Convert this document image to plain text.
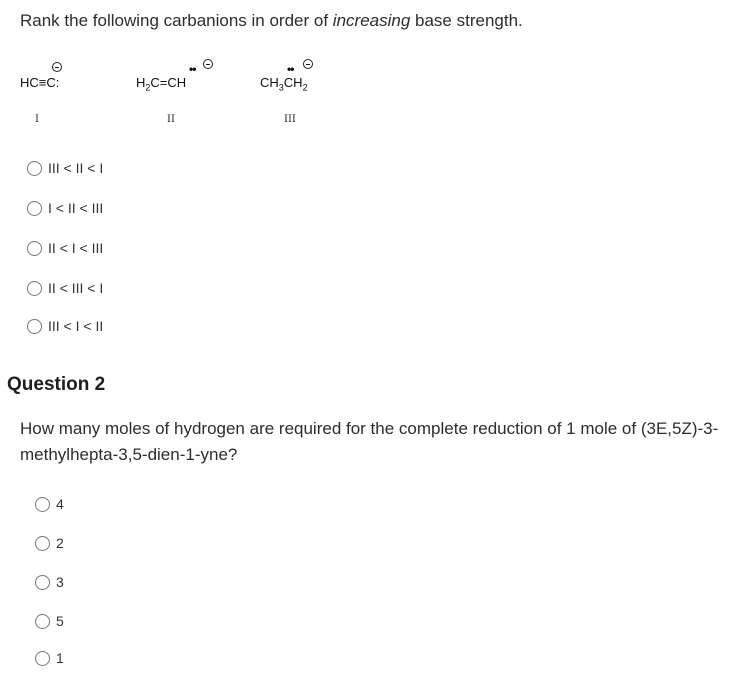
Rank the following carbanions in order of increasing base strength.
HC≡C:
I
$H_2C=CH$
••
II
$CH_3CH_2$
••
III
III < II < I
I < II < III
II < I < III
II < III < I
III < I < II
Question 2
How many moles of hydrogen are required for the complete reduction of 1 mole of (3E,5Z)-3-methylhepta-3,5-dien-1-yne?
4
2
3
5
1
